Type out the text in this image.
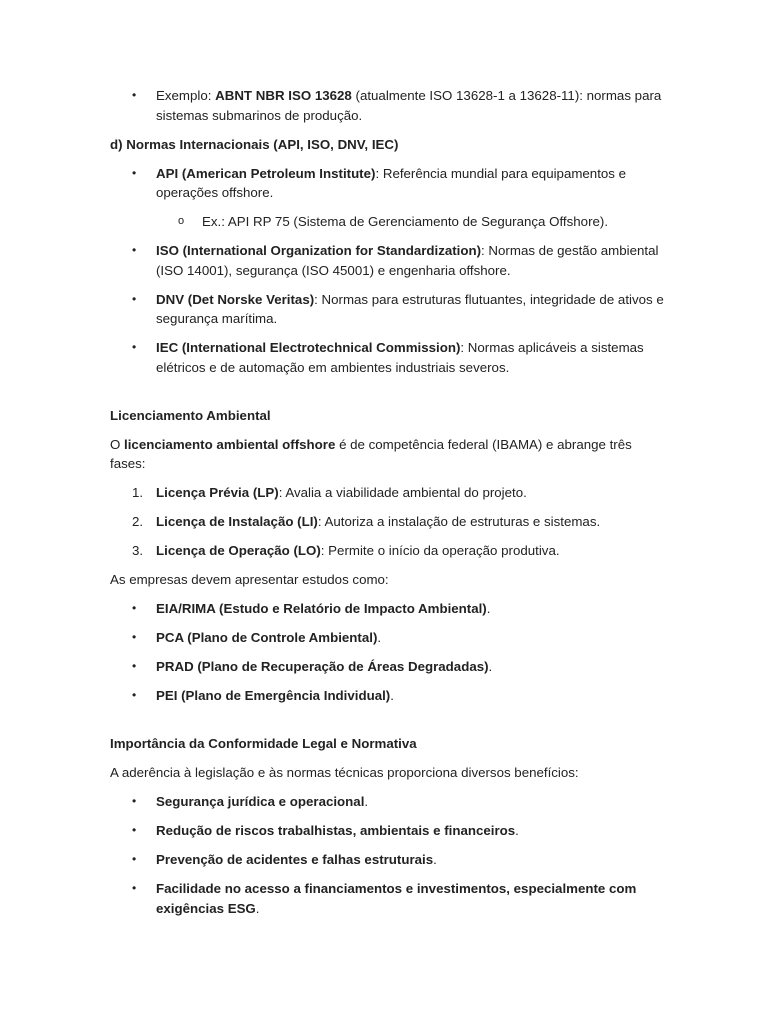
• Exemplo: ABNT NBR ISO 13628 (atualmente ISO 13628-1 a 13628-11): normas para sistemas submarinos de produção.

d) Normas Internacionais (API, ISO, DNV, IEC)

• API (American Petroleum Institute): Referência mundial para equipamentos e operações offshore.
o Ex.: API RP 75 (Sistema de Gerenciamento de Segurança Offshore).
• ISO (International Organization for Standardization): Normas de gestão ambiental (ISO 14001), segurança (ISO 45001) e engenharia offshore.
• DNV (Det Norske Veritas): Normas para estruturas flutuantes, integridade de ativos e segurança marítima.
• IEC (International Electrotechnical Commission): Normas aplicáveis a sistemas elétricos e de automação em ambientes industriais severos.

Licenciamento Ambiental

O licenciamento ambiental offshore é de competência federal (IBAMA) e abrange três fases:

1. Licença Prévia (LP): Avalia a viabilidade ambiental do projeto.
2. Licença de Instalação (LI): Autoriza a instalação de estruturas e sistemas.
3. Licença de Operação (LO): Permite o início da operação produtiva.

As empresas devem apresentar estudos como:

• EIA/RIMA (Estudo e Relatório de Impacto Ambiental).
• PCA (Plano de Controle Ambiental).
• PRAD (Plano de Recuperação de Áreas Degradadas).
• PEI (Plano de Emergência Individual).

Importância da Conformidade Legal e Normativa

A aderência à legislação e às normas técnicas proporciona diversos benefícios:

• Segurança jurídica e operacional.
• Redução de riscos trabalhistas, ambientais e financeiros.
• Prevenção de acidentes e falhas estruturais.
• Facilidade no acesso a financiamentos e investimentos, especialmente com exigências ESG.
